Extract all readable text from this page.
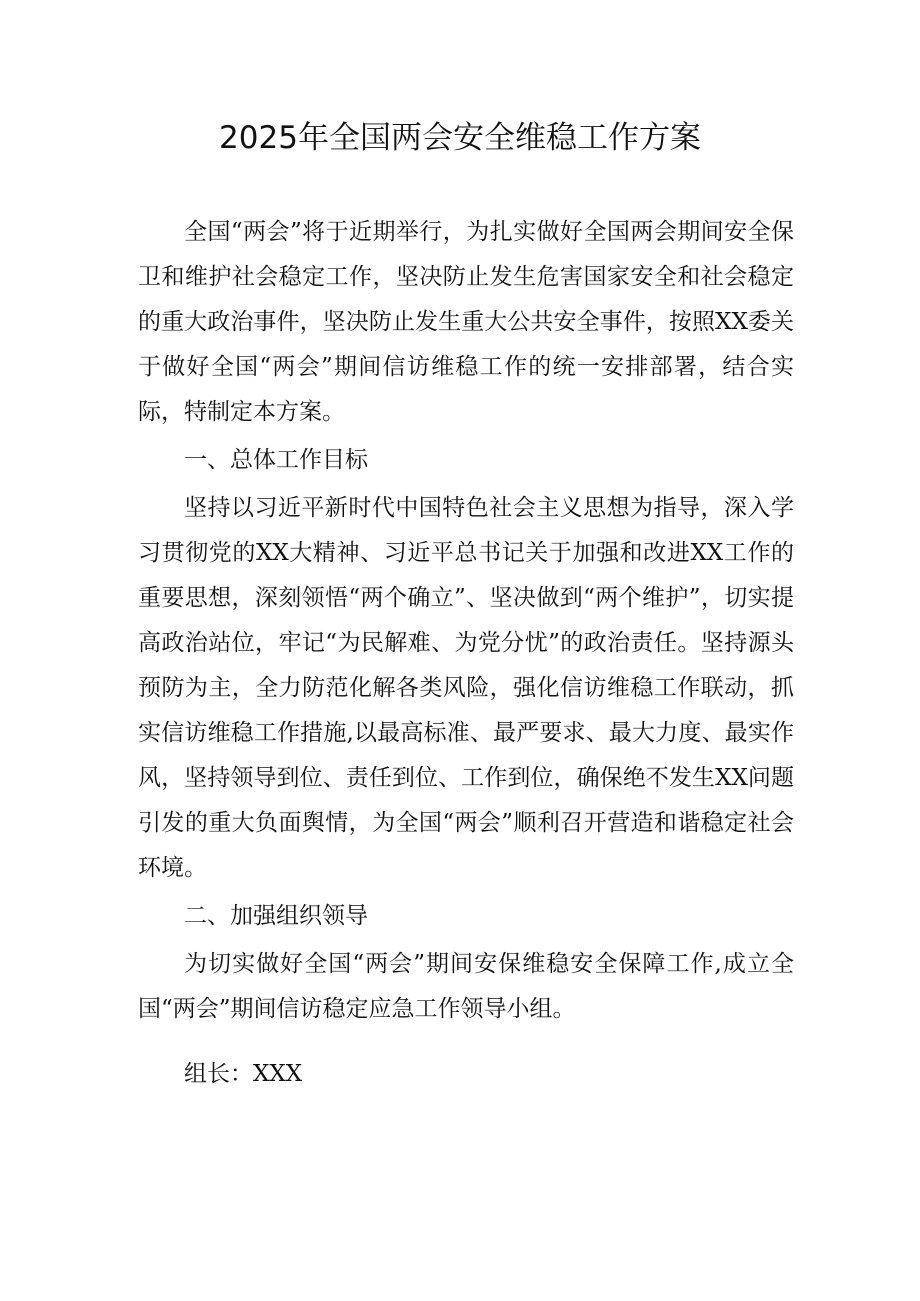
2025年全国两会安全维稳工作方案

全国“两会”将于近期举行，为扎实做好全国两会期间安全保卫和维护社会稳定工作，坚决防止发生危害国家安全和社会稳定的重大政治事件，坚决防止发生重大公共安全事件，按照XX委关于做好全国“两会”期间信访维稳工作的统一安排部署，结合实际，特制定本方案。

一、总体工作目标

坚持以习近平新时代中国特色社会主义思想为指导，深入学习贯彻党的XX大精神、习近平总书记关于加强和改进XX工作的重要思想，深刻领悟“两个确立”、坚决做到“两个维护”，切实提高政治站位，牢记“为民解难、为党分忧”的政治责任。坚持源头预防为主，全力防范化解各类风险，强化信访维稳工作联动，抓实信访维稳工作措施,以最高标准、最严要求、最大力度、最实作风，坚持领导到位、责任到位、工作到位，确保绝不发生XX问题引发的重大负面舆情，为全国“两会”顺利召开营造和谐稳定社会环境。

二、加强组织领导

为切实做好全国“两会”期间安保维稳安全保障工作,成立全国“两会”期间信访稳定应急工作领导小组。

组长：XXX
